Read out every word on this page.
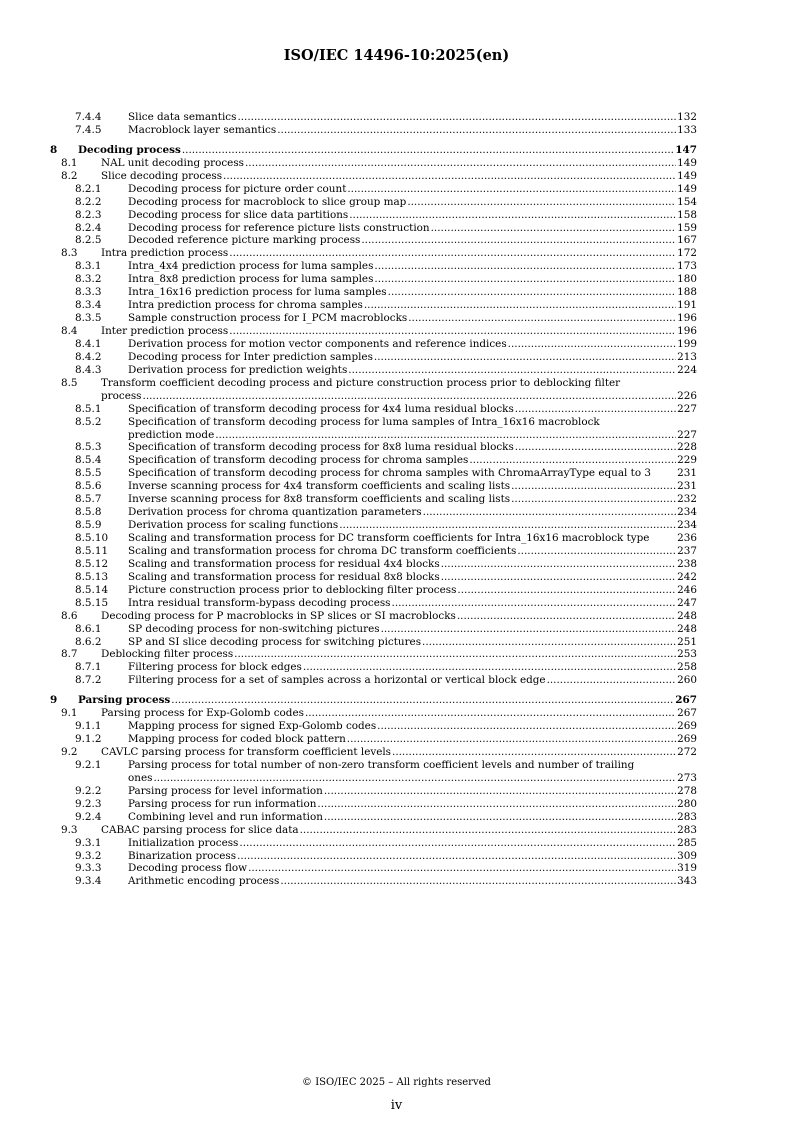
ISO/IEC 14496-10:2025(en)
7.4.4	Slice data semantics .....	132
7.4.5	Macroblock layer semantics .....	133
8 Decoding process .....	147
8.1 NAL unit decoding process .....	149
8.2 Slice decoding process .....	149
8.2.1	Decoding process for picture order count .....	149
8.2.2	Decoding process for macroblock to slice group map .....	154
8.2.3	Decoding process for slice data partitions .....	158
8.2.4	Decoding process for reference picture lists construction .....	159
8.2.5	Decoded reference picture marking process .....	167
8.3 Intra prediction process .....	172
8.3.1	Intra_4x4 prediction process for luma samples .....	173
8.3.2	Intra_8x8 prediction process for luma samples .....	180
8.3.3	Intra_16x16 prediction process for luma samples .....	188
8.3.4	Intra prediction process for chroma samples .....	191
8.3.5	Sample construction process for I_PCM macroblocks .....	196
8.4 Inter prediction process .....	196
8.4.1	Derivation process for motion vector components and reference indices .....	199
8.4.2	Decoding process for Inter prediction samples .....	213
8.4.3	Derivation process for prediction weights .....	224
8.5 Transform coefficient decoding process and picture construction process prior to deblocking filter
process .....	226
8.5.1	Specification of transform decoding process for 4x4 luma residual blocks .....	227
8.5.2	Specification of transform decoding process for luma samples of Intra_16x16 macroblock
prediction mode .....	227
8.5.3	Specification of transform decoding process for 8x8 luma residual blocks .....	228
8.5.4	Specification of transform decoding process for chroma samples .....	229
8.5.5	Specification of transform decoding process for chroma samples with ChromaArrayType equal to 3	231
8.5.6	Inverse scanning process for 4x4 transform coefficients and scaling lists .....	231
8.5.7	Inverse scanning process for 8x8 transform coefficients and scaling lists .....	232
8.5.8	Derivation process for chroma quantization parameters .....	234
8.5.9	Derivation process for scaling functions .....	234
8.5.10 Scaling and transformation process for DC transform coefficients for Intra_16x16 macroblock type	236
8.5.11 Scaling and transformation process for chroma DC transform coefficients .....	237
8.5.12 Scaling and transformation process for residual 4x4 blocks .....	238
8.5.13 Scaling and transformation process for residual 8x8 blocks .....	242
8.5.14 Picture construction process prior to deblocking filter process .....	246
8.5.15 Intra residual transform-bypass decoding process .....	247
8.6 Decoding process for P macroblocks in SP slices or SI macroblocks .....	248
8.6.1	SP decoding process for non-switching pictures .....	248
8.6.2	SP and SI slice decoding process for switching pictures .....	251
8.7 Deblocking filter process .....	253
8.7.1	Filtering process for block edges .....	258
8.7.2	Filtering process for a set of samples across a horizontal or vertical block edge .....	260
9 Parsing process .....	267
9.1 Parsing process for Exp-Golomb codes .....	267
9.1.1	Mapping process for signed Exp-Golomb codes .....	269
9.1.2	Mapping process for coded block pattern .....	269
9.2 CAVLC parsing process for transform coefficient levels .....	272
9.2.1	Parsing process for total number of non-zero transform coefficient levels and number of trailing
ones .....	273
9.2.2	Parsing process for level information .....	278
9.2.3	Parsing process for run information .....	280
9.2.4	Combining level and run information .....	283
9.3 CABAC parsing process for slice data .....	283
9.3.1	Initialization process .....	285
9.3.2	Binarization process .....	309
9.3.3	Decoding process flow .....	319
9.3.4	Arithmetic encoding process .....	343
© ISO/IEC 2025 – All rights reserved
iv
